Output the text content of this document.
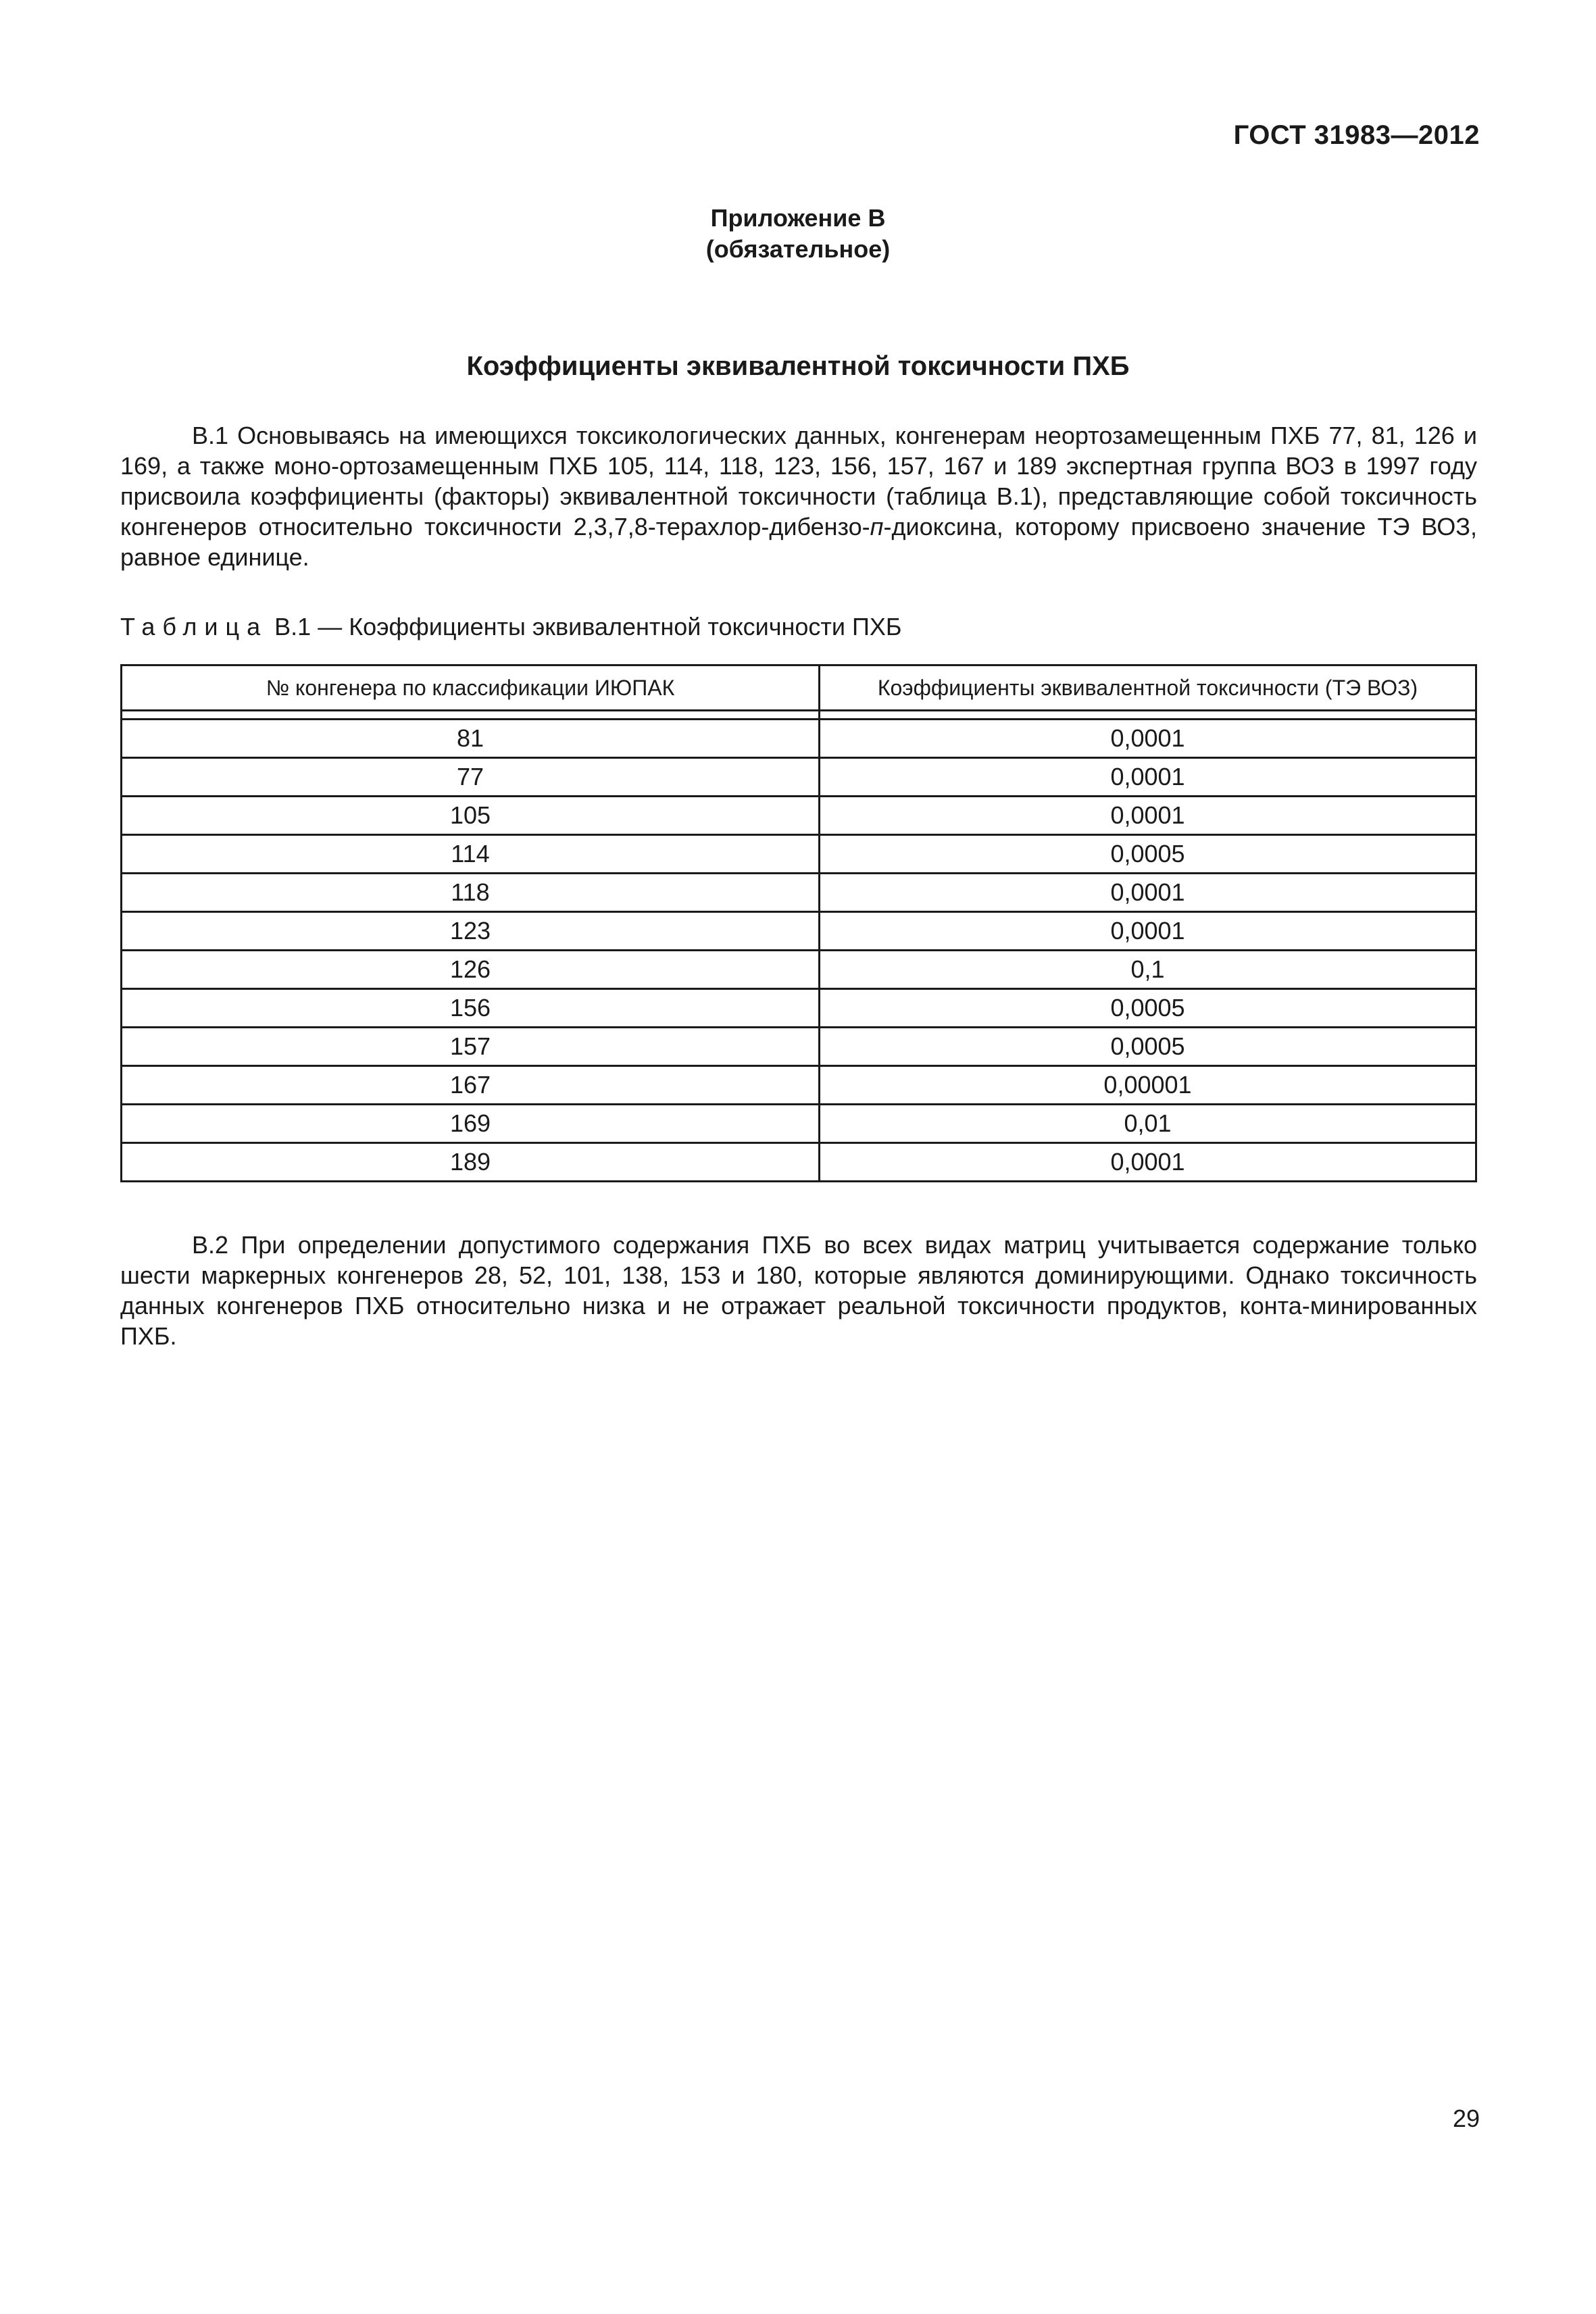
ГОСТ 31983—2012
Приложение В
(обязательное)
Коэффициенты эквивалентной токсичности ПХБ

В.1 Основываясь на имеющихся токсикологических данных, конгенерам неортозамещенным ПХБ 77, 81, 126 и 169, а также моно-ортозамещенным ПХБ 105, 114, 118, 123, 156, 157, 167 и 189 экспертная группа ВОЗ в 1997 году присвоила коэффициенты (факторы) эквивалентной токсичности (таблица В.1), представляющие собой токсичность конгенеров относительно токсичности 2,3,7,8-терахлор-дибензо-п-диоксина, которому присвоено значение ТЭ ВОЗ, равное единице.

Таблица В.1 — Коэффициенты эквивалентной токсичности ПХБ
№ конгенера по классификации ИЮПАК	Коэффициенты эквивалентной токсичности (ТЭ ВОЗ)

81	0,0001
77	0,0001
105	0,0001
114	0,0005
118	0,0001
123	0,0001
126	0,1
156	0,0005
157	0,0005
167	0,00001
169	0,01
189	0,0001

В.2 При определении допустимого содержания ПХБ во всех видах матриц учитывается содержание только шести маркерных конгенеров 28, 52, 101, 138, 153 и 180, которые являются доминирующими. Однако токсичность данных конгенеров ПХБ относительно низка и не отражает реальной токсичности продуктов, конта-минированных ПХБ.

29
